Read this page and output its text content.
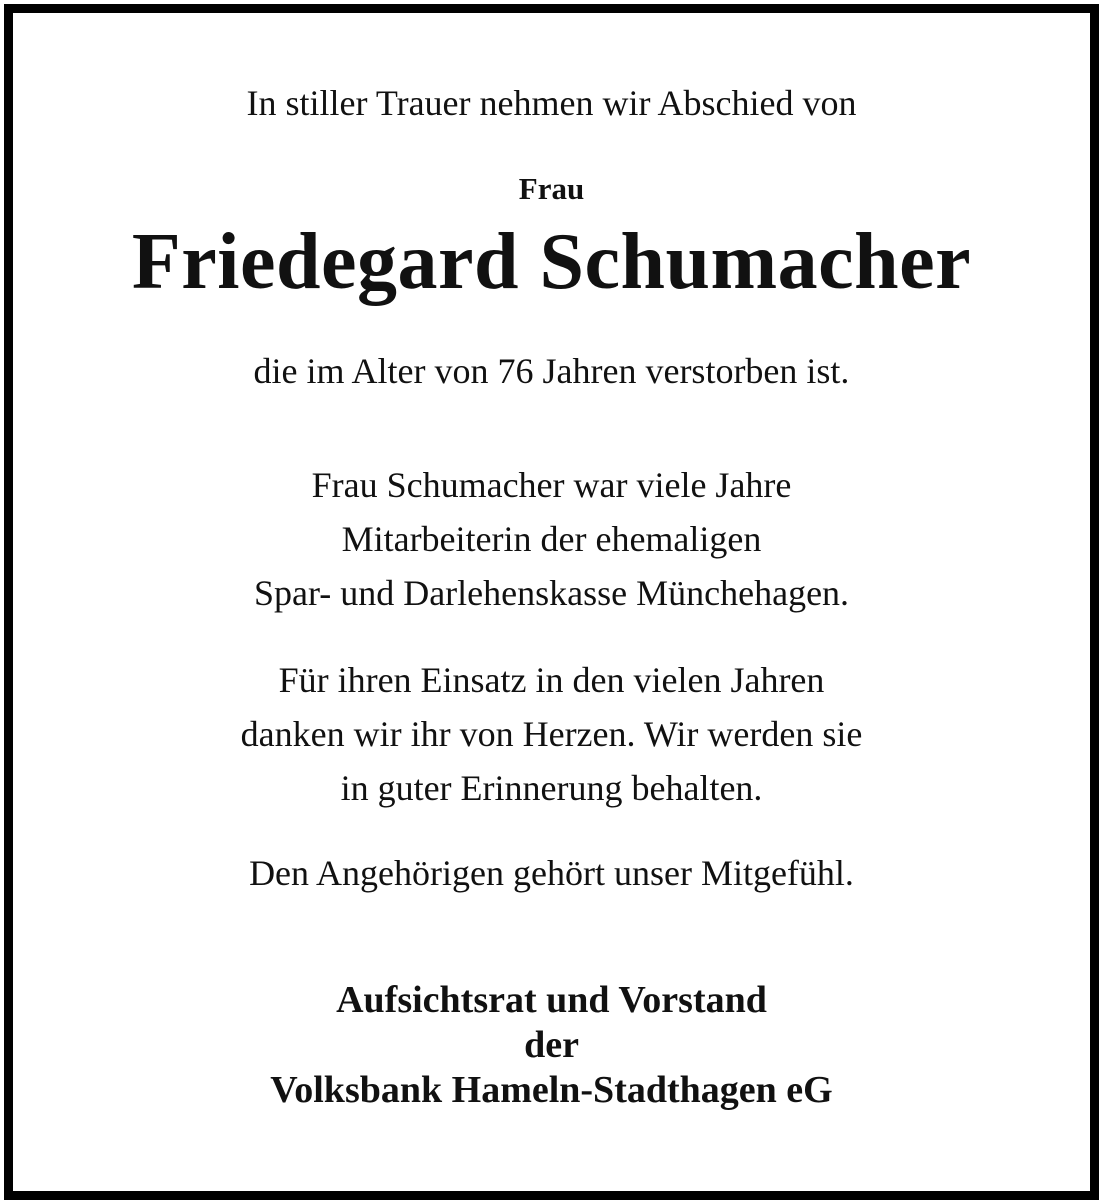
In stiller Trauer nehmen wir Abschied von
Frau
Friedegard Schumacher
die im Alter von 76 Jahren verstorben ist.
Frau Schumacher war viele Jahre
Mitarbeiterin der ehemaligen
Spar- und Darlehenskasse Münchehagen.
Für ihren Einsatz in den vielen Jahren
danken wir ihr von Herzen. Wir werden sie
in guter Erinnerung behalten.
Den Angehörigen gehört unser Mitgefühl.
Aufsichtsrat und Vorstand
der
Volksbank Hameln-Stadthagen eG
